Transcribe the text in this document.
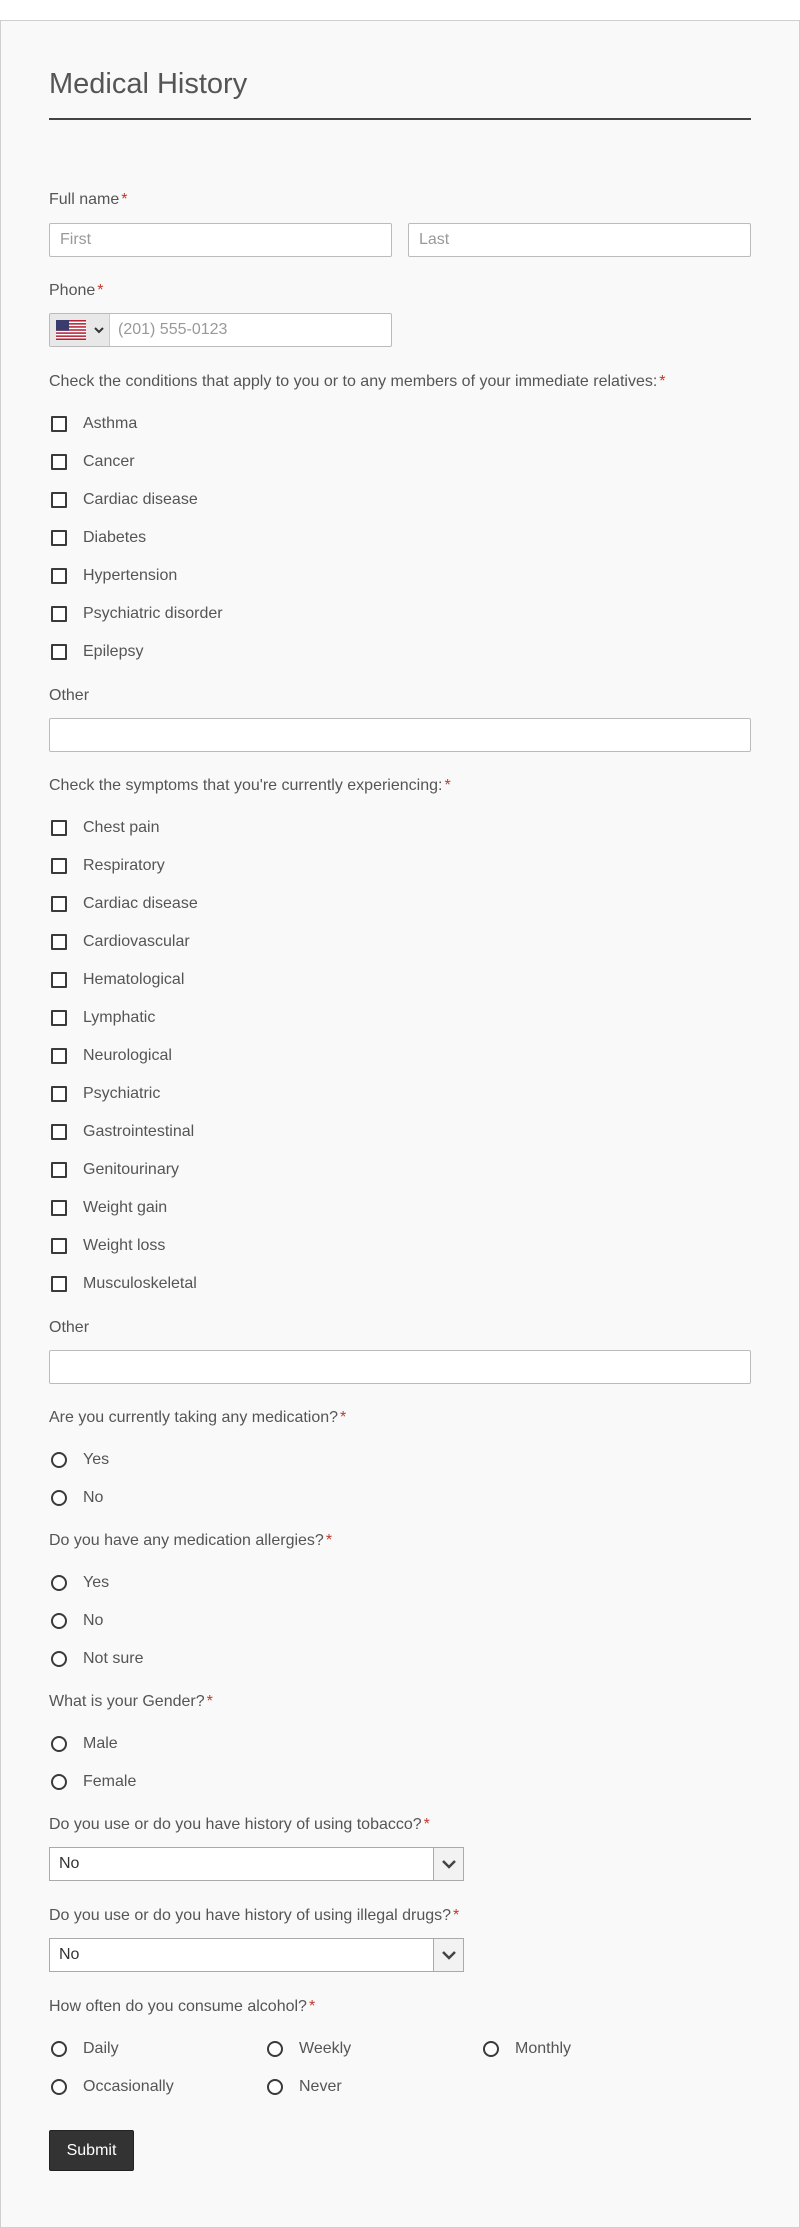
Medical History
Full name *
First
Last
Phone *
(201) 555-0123
Check the conditions that apply to you or to any members of your immediate relatives: *
Asthma
Cancer
Cardiac disease
Diabetes
Hypertension
Psychiatric disorder
Epilepsy
Other
Check the symptoms that you're currently experiencing: *
Chest pain
Respiratory
Cardiac disease
Cardiovascular
Hematological
Lymphatic
Neurological
Psychiatric
Gastrointestinal
Genitourinary
Weight gain
Weight loss
Musculoskeletal
Other
Are you currently taking any medication? *
Yes
No
Do you have any medication allergies? *
Yes
No
Not sure
What is your Gender? *
Male
Female
Do you use or do you have history of using tobacco? *
No
Do you use or do you have history of using illegal drugs? *
No
How often do you consume alcohol? *
Daily	Weekly	Monthly
Occasionally	Never
Submit
